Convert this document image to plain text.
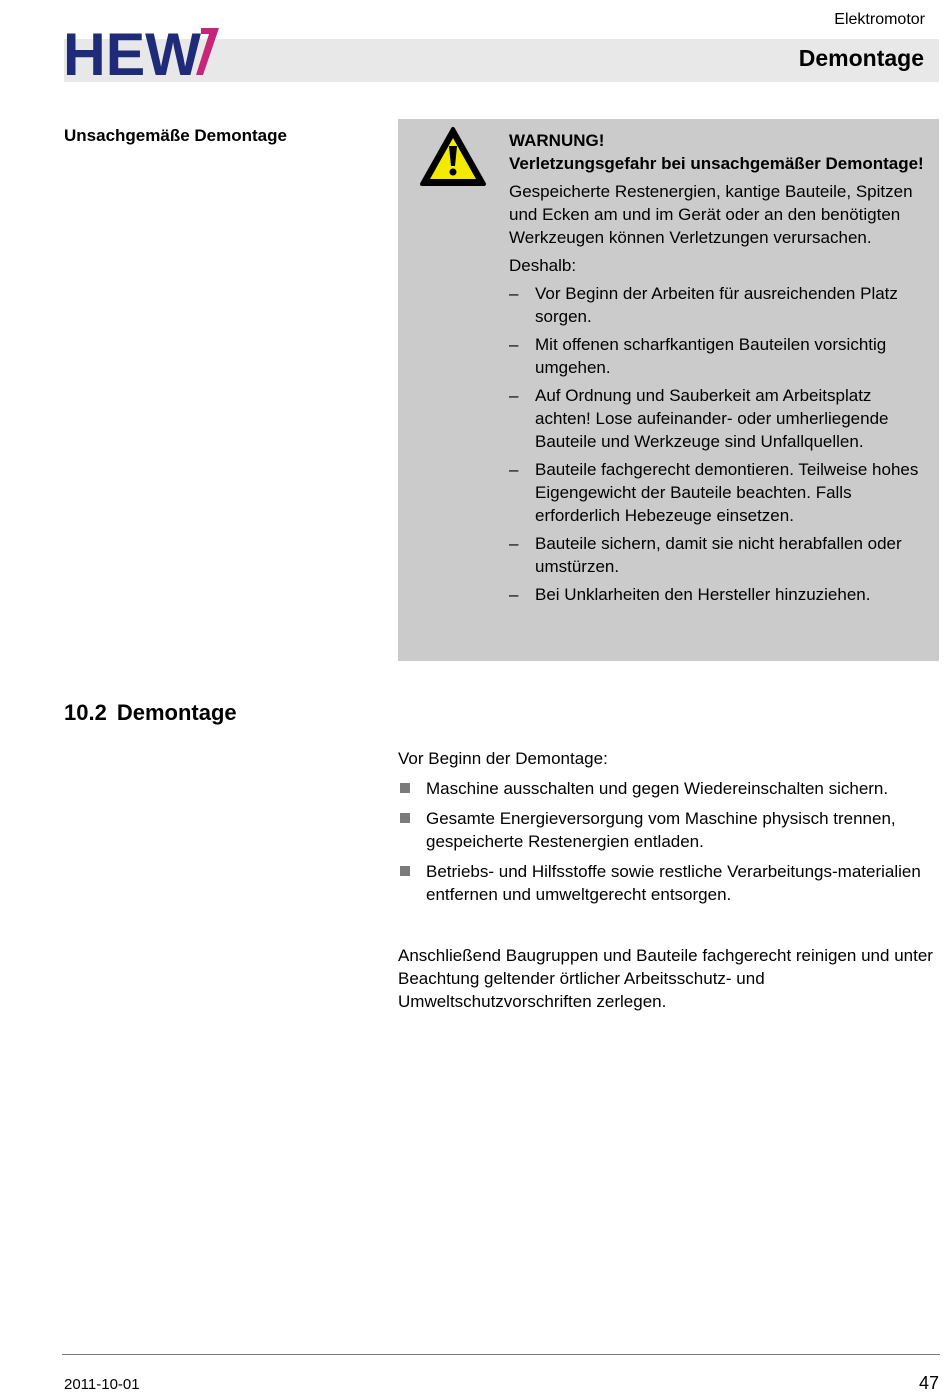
HEW
Elektromotor
Demontage
Unsachgemäße Demontage	WARNUNG!

Verletzungsgefahr bei unsachgemäßer Demontage!

Gespeicherte Restenergien, kantige Bauteile, Spitzen und Ecken am und im Gerät oder an den benötigten Werkzeugen können Verletzungen verursachen.

Deshalb:

– Vor Beginn der Arbeiten für ausreichenden Platz sorgen.
– Mit offenen scharfkantigen Bauteilen vorsichtig umgehen.
– Auf Ordnung und Sauberkeit am Arbeitsplatz achten! Lose aufeinander- oder umherliegende Bauteile und Werkzeuge sind Unfallquellen.
– Bauteile fachgerecht demontieren. Teilweise hohes Eigengewicht der Bauteile beachten. Falls erforderlich Hebezeuge einsetzen.
– Bauteile sichern, damit sie nicht herabfallen oder umstürzen.
– Bei Unklarheiten den Hersteller hinzuziehen.
10.2 Demontage
Vor Beginn der Demontage:
Maschine ausschalten und gegen Wiedereinschalten sichern.
Gesamte Energieversorgung vom Maschine physisch trennen, gespeicherte Restenergien entladen.
Betriebs- und Hilfsstoffe sowie restliche Verarbeitungs-materialien entfernen und umweltgerecht entsorgen.
Anschließend Baugruppen und Bauteile fachgerecht reinigen und unter Beachtung geltender örtlicher Arbeitsschutz- und Umweltschutzvorschriften zerlegen.
2011-10-01	47
